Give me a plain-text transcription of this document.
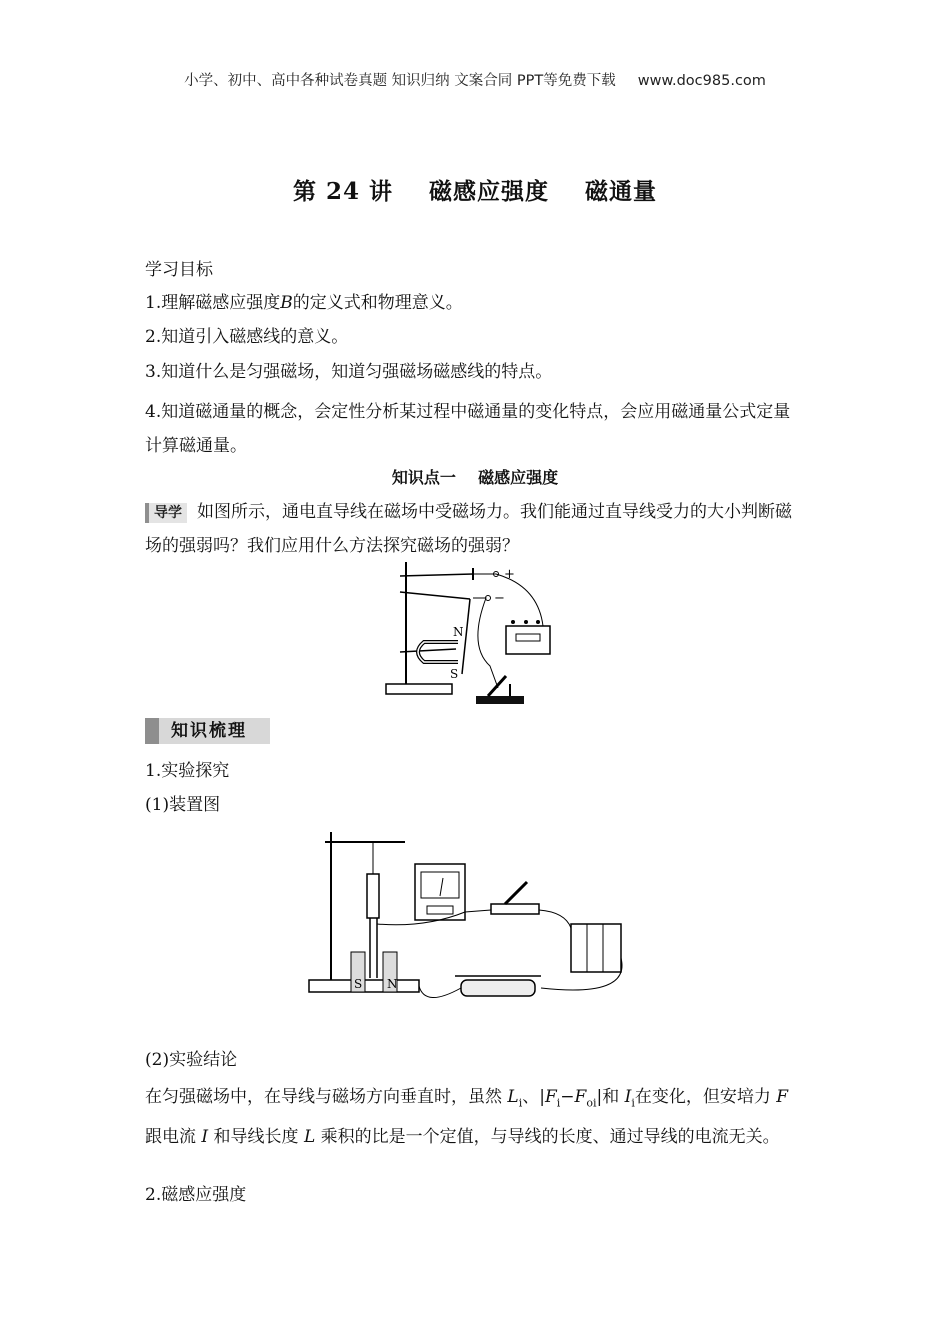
小学、初中、高中各种试卷真题 知识归纳 文案合同 PPT等免费下载 www.doc985.com
第 24 讲    磁感应强度    磁通量
学习目标
1.理解磁感应强度B的定义式和物理意义。
2.知道引入磁感线的意义。
3.知道什么是匀强磁场，知道匀强磁场磁感线的特点。
4.知道磁通量的概念，会定性分析某过程中磁通量的变化特点，会应用磁通量公式定量计算磁通量。
知识点一    磁感应强度
导学 如图所示，通电直导线在磁场中受磁场力。我们能通过直导线受力的大小判断磁场的强弱吗？我们应用什么方法探究磁场的强弱？
N
S
+
−
知识梳理
1.实验探究
(1)装置图
S N
(2)实验结论
在匀强磁场中，在导线与磁场方向垂直时，虽然 $L_i$、$|F_i-F_{oi}|$和 $I_i$在变化，但安培力 F 跟电流 I 和导线长度 L 乘积的比是一个定值，与导线的长度、通过导线的电流无关。
2.磁感应强度
